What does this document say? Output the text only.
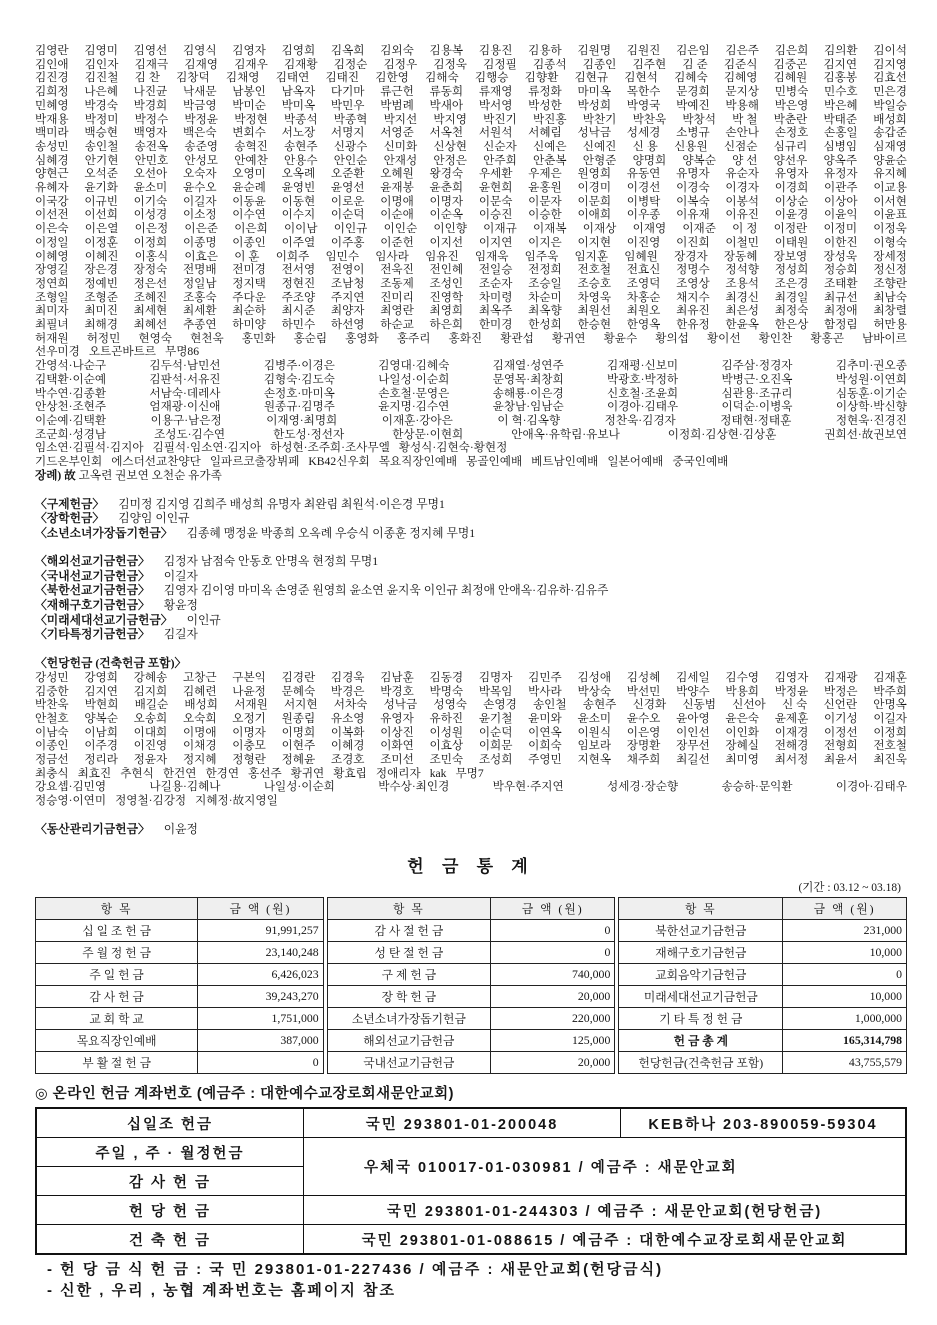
김영란 김영미 김영선 김영식 김영자 김영희 김옥희 김외숙 김용복 김용진 김용하 김원명 김원진 김은임 김은주 김은희 김의환 김이석
김인애 김인자 김재극 김재영 김재우 김재황 김정순 김정우 김정욱 김정필 김종석 김종인 김주현 김 준 김준식 김중곤 김지연 김지영
김진경 김진철 김 찬 김창덕 김채영 김태연 김태진 김한영 김해숙 김행승 김향환 김현규 김현석 김혜숙 김혜영 김혜원 김홍봉 김효선
김희정 나은혜 나진균 낙새문 남봉인 남옥자 다기마 류근헌 류동희 류재영 류정화 마미옥 목한수 문경희 문지상 민병숙 민수호 민은경
민혜영 박경숙 박경희 박금영 박미순 박미옥 박민우 박범례 박새아 박서영 박성한 박성희 박영국 박예진 박용해 박은영 박은혜 박일승
박재용 박정미 박정수 박정윤 박정현 박종석 박종혁 박지선 박지영 박진기 박진홍 박찬기 박찬욱 박창석 박 철 박춘란 박태준 배성희
백미라 백승현 백영자 백은숙 변회수 서노장 서명지 서영준 서옥천 서원석 서혜림 성낙금 성세경 소병규 손안나 손정호 손홍일 송갑준
송성민 송인철 송전옥 송준영 송혁진 송현주 신광수 신미화 신상현 신순자 신예은 신예진 신 용 신용원 신점순 심규리 심병임 심재영
심혜경 안기현 안민호 안성모 안예찬 안용수 안인순 안재성 안정은 안주희 안춘복 안형준 양명희 양복순 양 선 양선우 양옥주 양윤순
양현근 오석준 오선아 오숙자 오영미 오옥례 오준환 오혜원 왕경숙 우세환 우제은 원영희 유동연 유명자 유순자 유영자 유정자 유지혜
유혜자 윤기화 윤소미 윤수오 윤순례 윤영빈 윤영선 윤재봉 윤춘희 윤현희 윤홍원 이경미 이경선 이경숙 이경자 이경희 이관주 이교용
이국강 이규빈 이기숙 이길자 이동윤 이동현 이로운 이명애 이명자 이문숙 이문자 이문희 이병탁 이복숙 이봉석 이상순 이상아 이서현
이선전 이선희 이성경 이소정 이수연 이수지 이순덕 이순애 이순옥 이승진 이승한 이애희 이우종 이유재 이유진 이윤경 이윤익 이윤표
이은숙 이은열 이은정 이은준 이은희 이이남 이인규 이인순 이인향 이재규 이재복 이재상 이재영 이재준 이 정 이정란 이정미 이정욱
이정일 이정훈 이정희 이종명 이종인 이주열 이주홍 이준헌 이지선 이지연 이지은 이지현 이진영 이진희 이철민 이태원 이한진 이형숙
이혜영 이혜진 이홍식 이효은 이 훈 이희주 임민수 임사라 임유진 임재욱 임주욱 임지훈 임혜원 장경자 장동혜 장보영 장성욱 장세정
장영길 장은경 장정숙 전명배 전미경 전서영 전영이 전욱진 전인혜 전일승 전정희 전호철 전효신 정명수 정석향 정성희 정승희 정신정
정연희 정예빈 정은선 정일남 정지택 정현진 조남청 조동제 조성인 조순자 조승일 조승호 조영덕 조영상 조용석 조은경 조태환 조향란
조형일 조형준 조혜진 조홍숙 주다운 주조양 주지연 진미리 진영학 차미령 차순미 차영욱 차홍순 채지수 최경신 최경일 최규선 최남숙
최미자 최미진 최세현 최세환 최순하 최시준 최양자 최영란 최영희 최옥주 최옥향 최원선 최원오 최유진 최은성 최정숙 최정애 최창렬
최필녀 최해경 최혜선 추종연 하미양 하민수 하선영 하순교 하은희 한미경 한성희 한승현 한영옥 한유정 한윤옥 한은상 함정림 허만용
허재원 허정민 현영숙 현천욱 홍민화 홍순림 홍영화 홍주리 홍화진 황관섭 황귀연 황윤수 황의섭 황이선 황인찬 황홍곤 남바이르
선우미경 오트곤바트르 무명86
간영석·나순구	김두석·남민선	김병주·이경은	김영대·김혜숙	김재열·성연주	김재평·신보미	김주삼·정경자	김추미·권오종
김택환·이순예	김판석·서유진	김형숙·김도숙	나일성·이순희	문영목·최창희	박광호·박정하	박병근·오진옥	박성원·이연희
박수연·김종환	서남숙·데레사	손정호·마미옥	손호철·문영은	송해룡·이은경	신호철·조윤희	심관용·조규리	심동훈·이기순
안상천·조현주	엄재광·이신애	원종규·김명주	윤지명·김수연	윤창남·임남순	이경아·김태우	이덕순·이병욱	이상학·박신향
이순예·김택환	이용구·남은정	이재영·최명희	이재훈·강아은	이 혁·김옥향	정찬욱·김경자	정태현·정태훈	정현욱·진경진
조군희·성경남	조성도·김수연	한도성·정선자	한상문·이현희	안애옥·유학림·유보나	이정희·김상현·김상훈	권희선·故권보연
임소연·김필석·김지아 김필석·임소연·김지아 하성현·조주희·조사무엘 황성식·김현숙·황현정
기드온부인회 에스더선교찬양단 일파르코출장뷔페 KB42신우회 목요직장인예배 몽골인예배 베트남인예배 일본어예배 중국인예배
장례) 故 고옥련 권보연 오천순 유가족
〈구제헌금〉 김미정 김지영 김희주 배성희 유명자 최완림 최원석·이은경 무명1
〈장학헌금〉 김양임 이인규
〈소년소녀가장돕기헌금〉 김종혜 맹정윤 박종희 오옥례 우승식 이종훈 정지혜 무명1
〈해외선교기금헌금〉 김정자 남점숙 안동호 안명옥 현정희 무명1
〈국내선교기금헌금〉 이길자
〈북한선교기금헌금〉 김영자 김이영 마미옥 손영준 원영희 윤소연 윤지욱 이인규 최정애 안애옥·김유하·김유주
〈재해구호기금헌금〉 황윤정
〈미래세대선교기금헌금〉 이인규
〈기타특정기금헌금〉 김길자
〈헌당헌금 (건축헌금 포함)〉
강성민 강영희 강혜송 고창근 구본익 김경란 김경욱 김남훈 김동경 김명자 김민주 김성애 김성혜 김세일 김수영 김영자 김재광 김재훈
김중한 김지연 김지희 김혜련 나윤정 문혜숙 박경은 박경호 박명숙 박목임 박사라 박상숙 박선민 박양수 박용희 박정윤 박정은 박주희
박찬욱 박현희 배길순 배성희 서재원 서지현 서차숙 성낙금 성영숙 손영경 송인철 송현주 신경화 신동범 신선아 신 숙 신언란 안명옥
안철호 양복순 오송희 오숙희 오정기 원종림 유소영 유영자 유하진 윤기철 윤미와 윤소미 윤수오 윤아영 윤은숙 윤제훈 이기성 이길자
이남숙 이남희 이대희 이명애 이명자 이명희 이복화 이상진 이성원 이순덕 이연옥 이원식 이은영 이인선 이인화 이재경 이정선 이정희
이종인 이주경 이진영 이채경 이충모 이현주 이혜경 이화연 이효상 이희문 이희숙 임보라 장명환 장무선 장혜실 전해경 전형희 전호철
정금선 정리라 정윤자 정지혜 정형란 정혜윤 조경호 조미선 조민숙 조성희 주영민 지현옥 채주희 최길선 최미영 최서정 최윤서 최진욱
최충식 최효진 추현식 한건연 한경연 홍선주 황귀연 황효립 정애리자 kak 무명7
강요셉·김민영	나길용·김혜나	나일성·이순희	박수상·최인경	박우현·주지연	성세경·장순향	송승하·문익환	이경아·김태우
정승영·이연미 정영철·김강정 지혜정·故지영일
〈동산관리기금헌금〉 이윤정
헌 금 통 계
(기간 : 03.12 ~ 03.18)
항 목	금 액 (원)
십 일 조 헌 금	91,991,257
주 월 정 헌 금	23,140,248
주 일 헌 금	6,426,023
감 사 헌 금	39,243,270
교 회 학 교	1,751,000
목요직장인예배	387,000
부 활 절 헌 금	0
항 목	금 액 (원)
감 사 절 헌 금	0
성 탄 절 헌 금	0
구 제 헌 금	740,000
장 학 헌 금	20,000
소년소녀가장돕기헌금	220,000
해외선교기금헌금	125,000
국내선교기금헌금	20,000
항 목	금 액 (원)
북한선교기금헌금	231,000
재해구호기금헌금	10,000
교회음악기금헌금	0
미래세대선교기금헌금	10,000
기 타 특 정 헌 금	1,000,000
헌 금 총 계	165,314,798
헌당헌금(건축헌금 포함)	43,755,579
◎ 온라인 헌금 계좌번호 (예금주 : 대한예수교장로회새문안교회)
십일조 헌금	국민 293801-01-200048	KEB하나 203-890059-59304
주일 , 주 · 월정헌금	우체국 010017-01-030981 / 예금주 : 새문안교회	
감 사 헌 금		
헌 당 헌 금	국민 293801-01-244303 / 예금주 : 새문안교회(헌당헌금)	
건 축 헌 금	국민 293801-01-088615 / 예금주 : 대한예수교장로회새문안교회	
- 헌 당 금 식 헌 금 : 국 민 293801-01-227436 / 예금주 : 새문안교회(헌당금식)
- 신한 , 우리 , 농협 계좌번호는 홈페이지 참조
